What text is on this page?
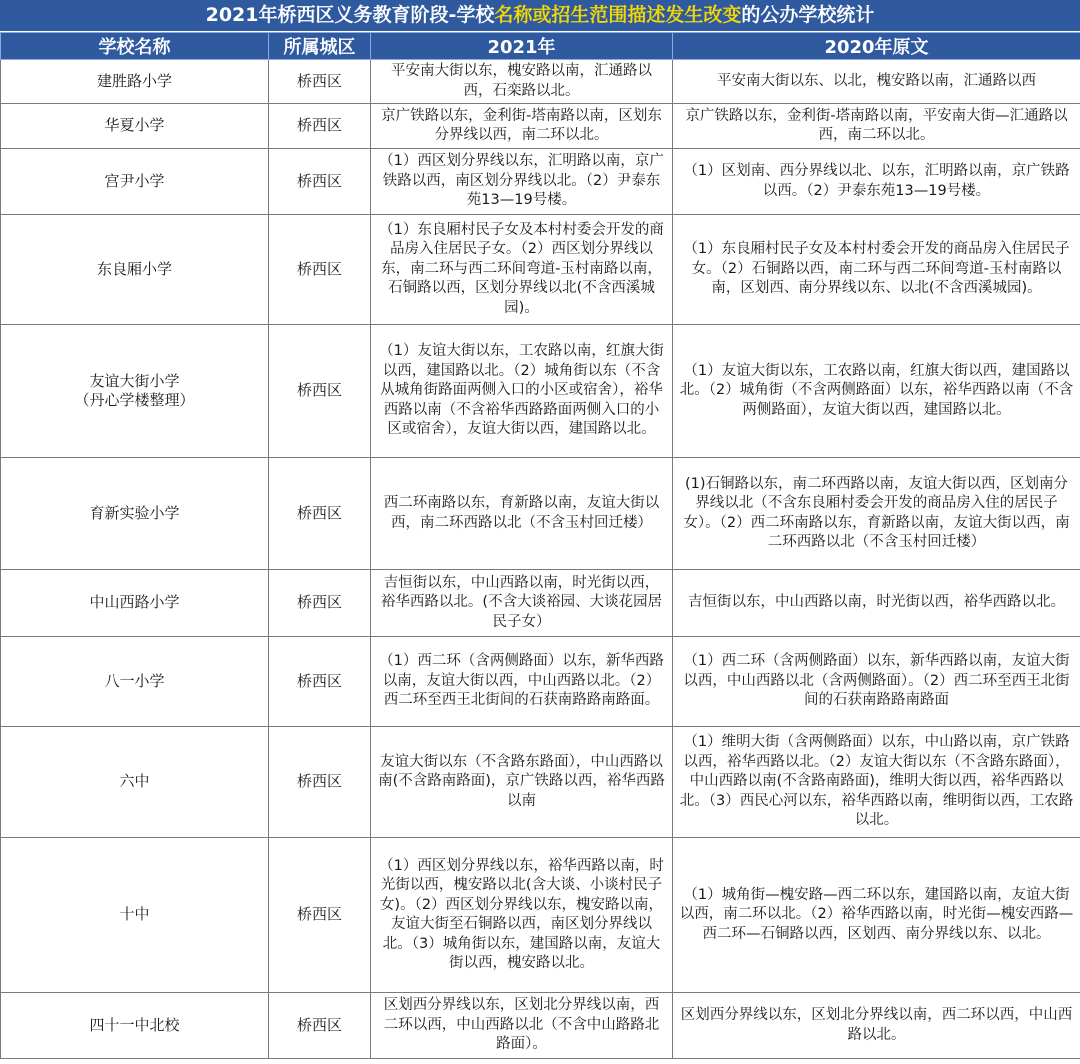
2021年桥西区义务教育阶段-学校名称或招生范围描述发生改变的公办学校统计
学校名称	所属城区	2021年	2020年原文
建胜路小学	桥西区	平安南大街以东，槐安路以南，汇通路以西，石栾路以北。	平安南大街以东、以北，槐安路以南，汇通路以西
华夏小学	桥西区	京广铁路以东，金利街-塔南路以南，区划东分界线以西，南二环以北。	京广铁路以东，金利街-塔南路以南，平安南大街—汇通路以西，南二环以北。
宫尹小学	桥西区	（1）西区划分界线以东，汇明路以南，京广铁路以西，南区划分界线以北。（2）尹泰东苑13—19号楼。	（1）区划南、西分界线以北、以东，汇明路以南，京广铁路以西。（2）尹泰东苑13—19号楼。
东良厢小学	桥西区	（1）东良厢村民子女及本村村委会开发的商品房入住居民子女。（2）西区划分界线以东，南二环与西二环间弯道-玉村南路以南，石铜路以西，区划分界线以北(不含西溪城园)。	（1）东良厢村民子女及本村村委会开发的商品房入住居民子女。（2）石铜路以西，南二环与西二环间弯道-玉村南路以南，区划西、南分界线以东、以北(不含西溪城园)。

友谊大街小学
（丹心学楼整理）	桥西区	（1）友谊大街以东，工农路以南，红旗大街以西，建国路以北。（2）城角街以东（不含从城角街路面两侧入口的小区或宿舍），裕华西路以南（不含裕华西路路面两侧入口的小区或宿舍），友谊大街以西，建国路以北。	（1）友谊大街以东，工农路以南，红旗大街以西，建国路以北。（2）城角街（不含两侧路面）以东，裕华西路以南（不含两侧路面），友谊大街以西，建国路以北。
育新实验小学	桥西区	西二环南路以东，育新路以南，友谊大街以西，南二环西路以北（不含玉村回迁楼）	(1)石铜路以东，南二环西路以南，友谊大街以西，区划南分界线以北（不含东良厢村委会开发的商品房入住的居民子女）。（2）西二环南路以东，育新路以南，友谊大街以西，南二环西路以北（不含玉村回迁楼）
中山西路小学	桥西区	吉恒街以东，中山西路以南，时光街以西，裕华西路以北。(不含大谈裕园、大谈花园居民子女）	吉恒街以东，中山西路以南，时光街以西，裕华西路以北。
八一小学	桥西区	（1）西二环（含两侧路面）以东，新华西路以南，友谊大街以西，中山西路以北。（2）西二环至西王北街间的石获南路路南路面。	（1）西二环（含两侧路面）以东，新华西路以南，友谊大街以西，中山西路以北（含两侧路面）。（2）西二环至西王北街间的石获南路路南路面
六中	桥西区	友谊大街以东（不含路东路面），中山西路以南(不含路南路面)，京广铁路以西，裕华西路以南	（1）维明大街（含两侧路面）以东，中山路以南，京广铁路以西，裕华西路以北。（2）友谊大街以东（不含路东路面），中山西路以南(不含路南路面)，维明大街以西，裕华西路以北。（3）西民心河以东，裕华西路以南，维明街以西，工农路以北。
十中	桥西区	（1）西区划分界线以东，裕华西路以南，时光街以西，槐安路以北(含大谈、小谈村民子女)。（2）西区划分界线以东，槐安路以南，友谊大街至石铜路以西，南区划分界线以北。（3）城角街以东，建国路以南，友谊大街以西，槐安路以北。	（1）城角街—槐安路—西二环以东，建国路以南，友谊大街以西，南二环以北。（2）裕华西路以南，时光街—槐安西路—西二环—石铜路以西，区划西、南分界线以东、以北。
四十一中北校	桥西区	区划西分界线以东，区划北分界线以南，西二环以西，中山西路以北（不含中山路路北路面）。	区划西分界线以东，区划北分界线以南，西二环以西，中山西路以北。
